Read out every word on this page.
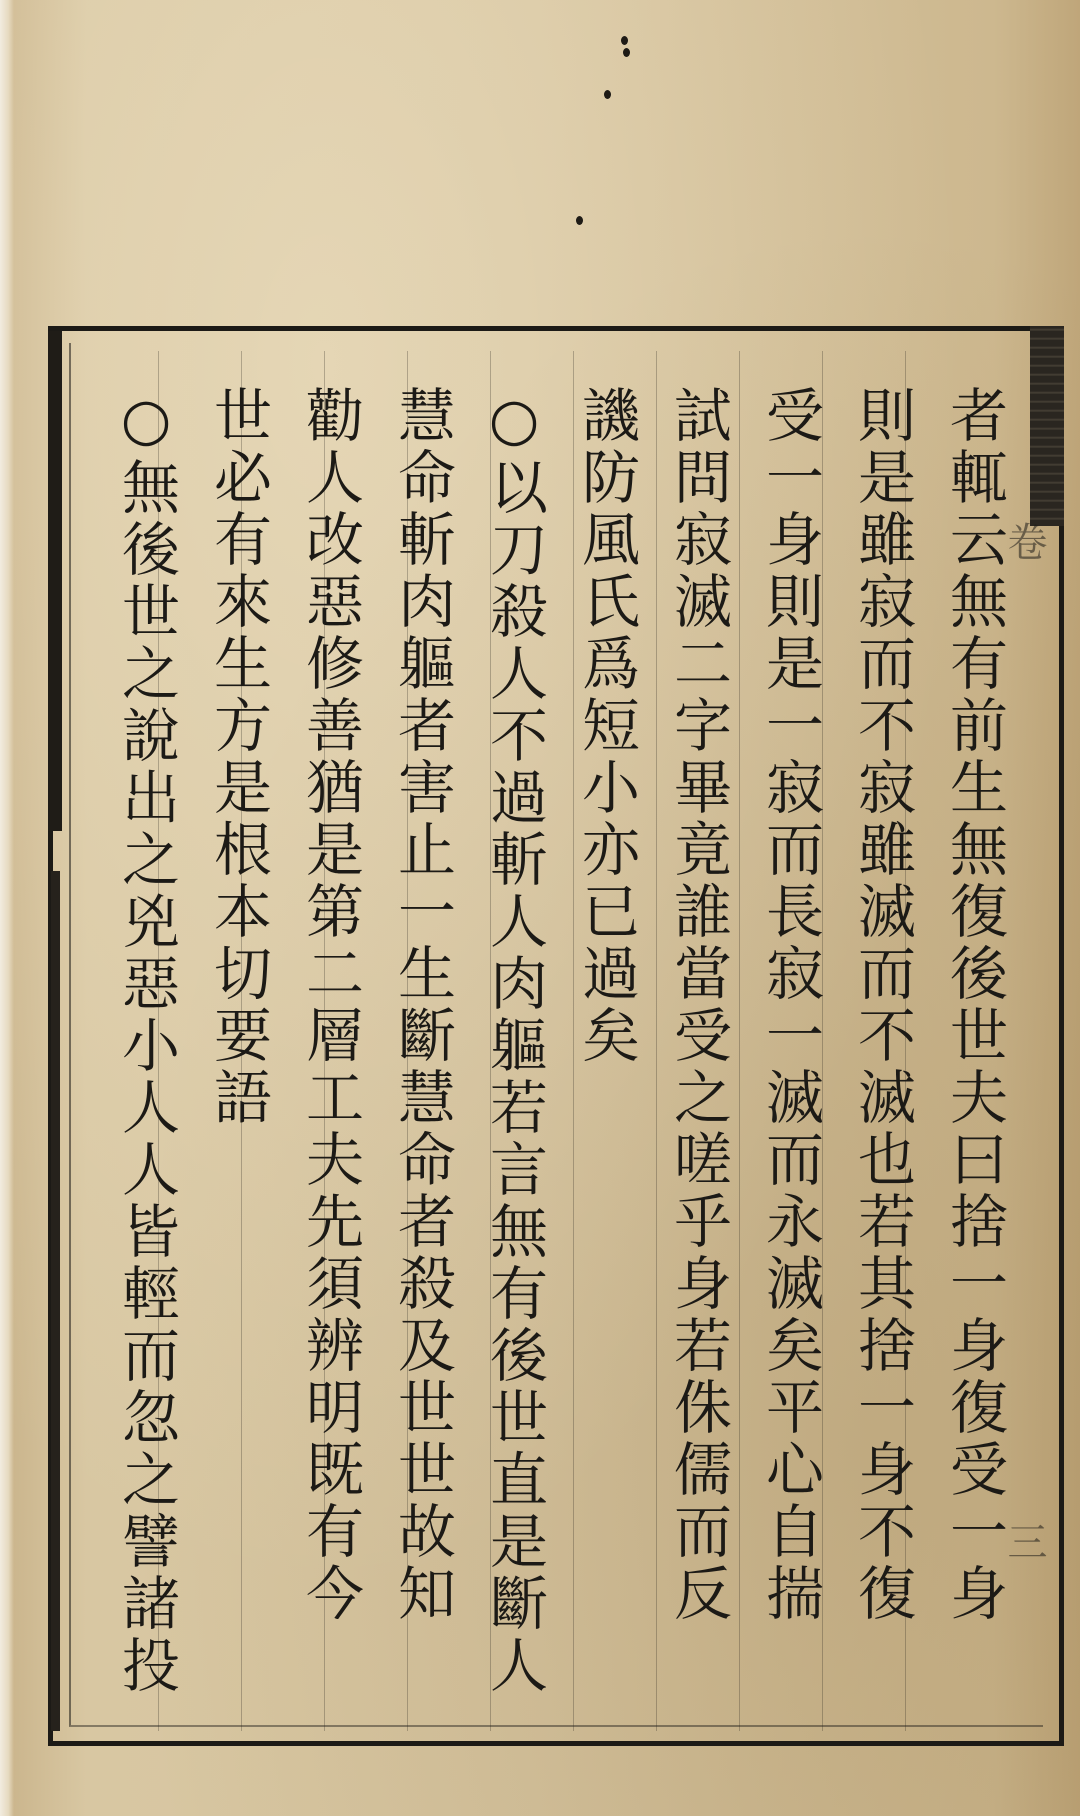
卷
三
者輒云無有前生無復後世夫曰捨一身復受一身
則是雖寂而不寂雖滅而不滅也若其捨一身不復
受一身則是一寂而長寂一滅而永滅矣平心自揣
試問寂滅二字畢竟誰當受之嗟乎身若侏儒而反
譏防風氏爲短小亦已過矣
○以刀殺人不過斬人肉軀若言無有後世直是斷人
慧命斬肉軀者害止一生斷慧命者殺及世世故知
勸人改惡修善猶是第二層工夫先須辨明既有今
世必有來生方是根本切要語
○無後世之說出之兇惡小人人皆輕而忽之譬諸投
